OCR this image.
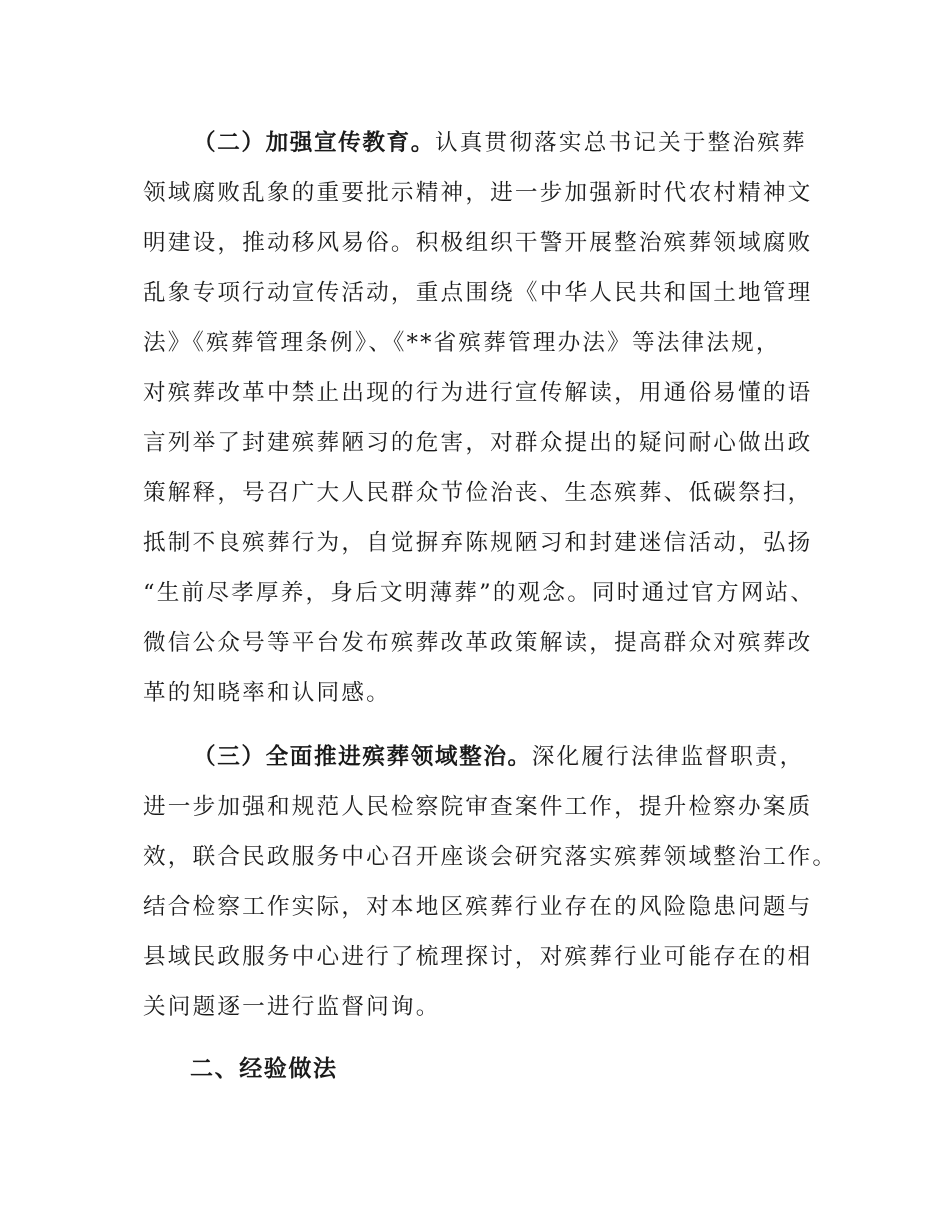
（二）加强宣传教育。认真贯彻落实总书记关于整治殡葬
领域腐败乱象的重要批示精神，进一步加强新时代农村精神文
明建设，推动移风易俗。积极组织干警开展整治殡葬领域腐败
乱象专项行动宣传活动，重点围绕《中华人民共和国土地管理
法》《殡葬管理条例》、《**省殡葬管理办法》等法律法规，
对殡葬改革中禁止出现的行为进行宣传解读，用通俗易懂的语
言列举了封建殡葬陋习的危害，对群众提出的疑问耐心做出政
策解释，号召广大人民群众节俭治丧、生态殡葬、低碳祭扫，
抵制不良殡葬行为，自觉摒弃陈规陋习和封建迷信活动，弘扬
“生前尽孝厚养，身后文明薄葬”的观念。同时通过官方网站、
微信公众号等平台发布殡葬改革政策解读，提高群众对殡葬改
革的知晓率和认同感。
（三）全面推进殡葬领域整治。深化履行法律监督职责，
进一步加强和规范人民检察院审查案件工作，提升检察办案质
效，联合民政服务中心召开座谈会研究落实殡葬领域整治工作。
结合检察工作实际，对本地区殡葬行业存在的风险隐患问题与
县域民政服务中心进行了梳理探讨，对殡葬行业可能存在的相
关问题逐一进行监督问询。
二、经验做法
